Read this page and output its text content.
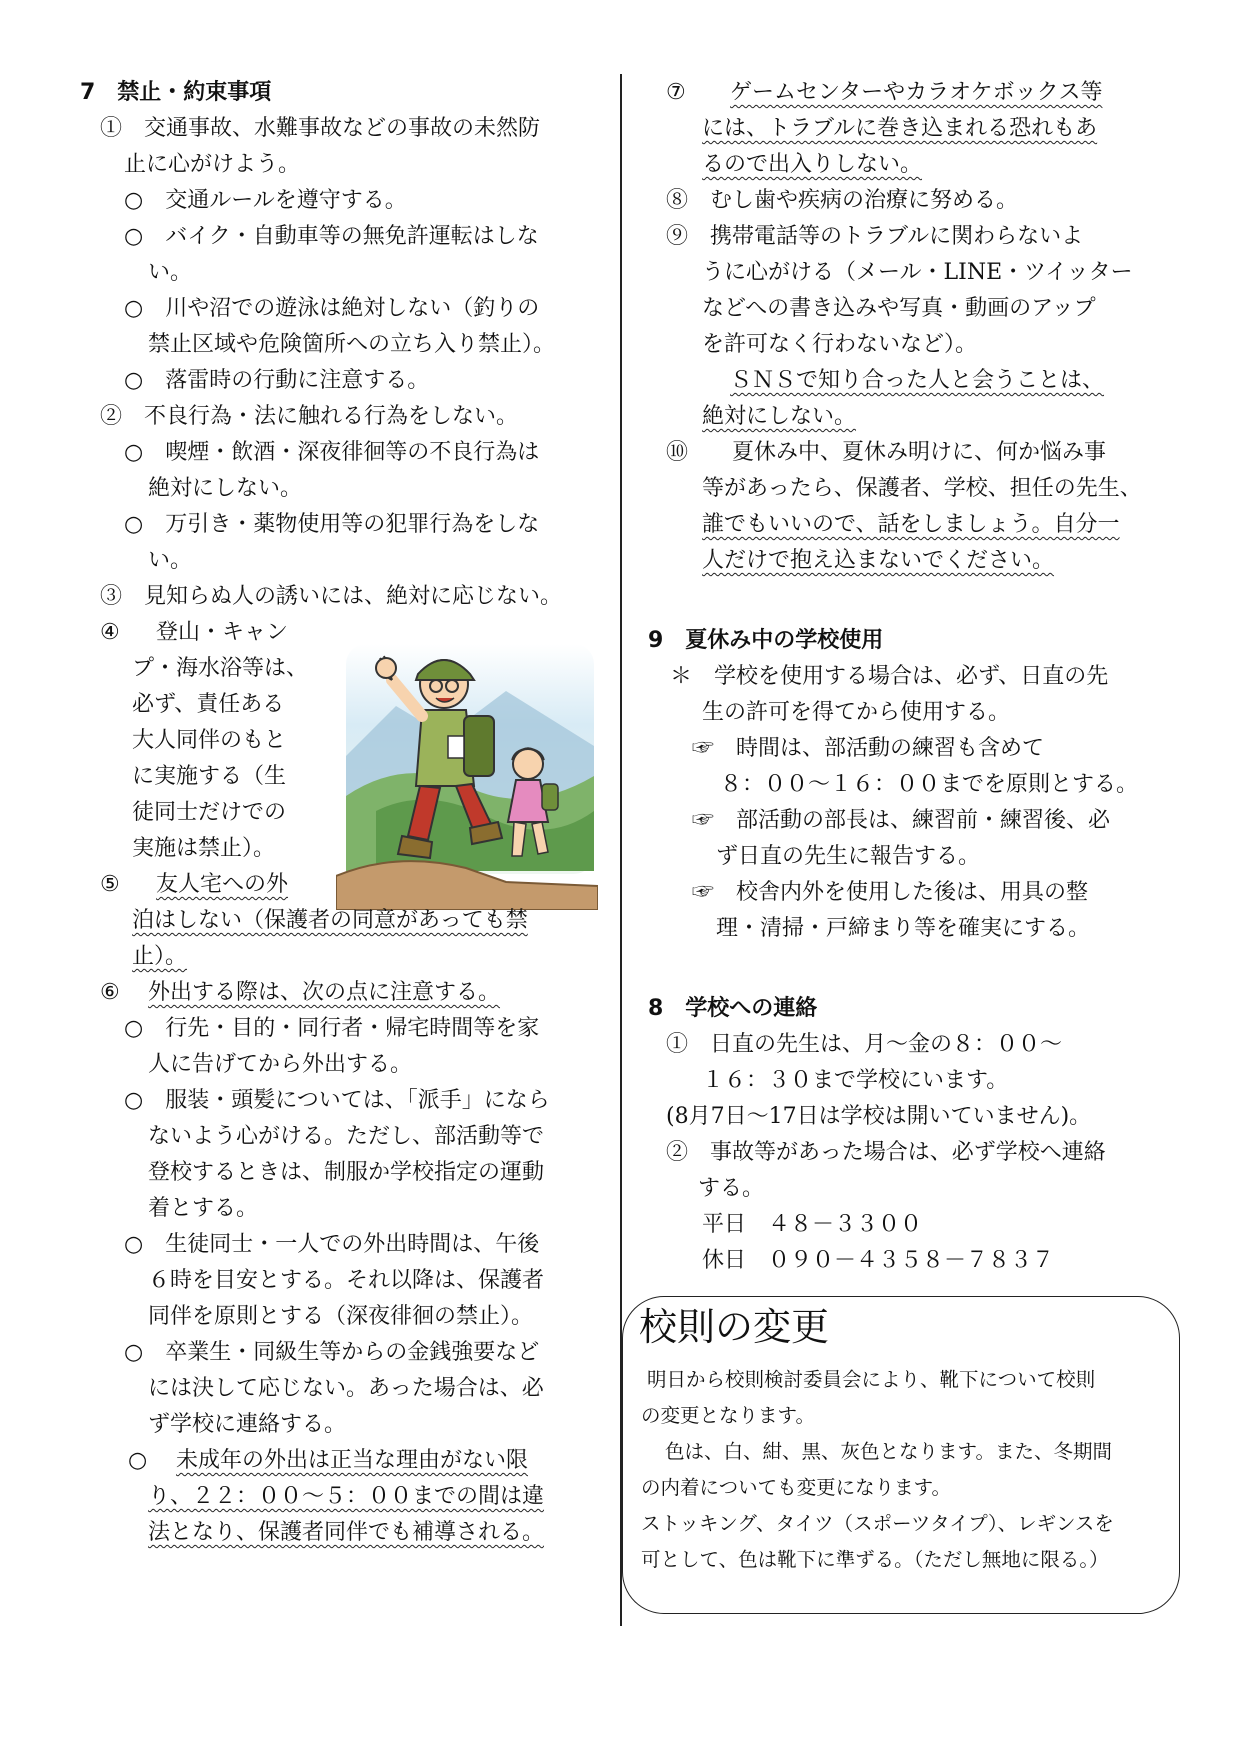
7　禁止・約束事項
①　交通事故、水難事故などの事故の未然防
止に心がけよう。
○　交通ルールを遵守する。
○　バイク・自動車等の無免許運転はしな
い。
○　川や沼での遊泳は絶対しない（釣りの
禁止区域や危険箇所への立ち入り禁止）。
○　落雷時の行動に注意する。
②　不良行為・法に触れる行為をしない。
○　喫煙・飲酒・深夜徘徊等の不良行為は
絶対にしない。
○　万引き・薬物使用等の犯罪行為をしな
い。
③　見知らぬ人の誘いには、絶対に応じない。
④ 登山・キャン
プ・海水浴等は、
必ず、責任ある
大人同伴のもと
に実施する（生
徒同士だけでの
実施は禁止）。
⑤ 友人宅への外
泊はしない（保護者の同意があっても禁
止）。
⑥ 外出する際は、次の点に注意する。
○　行先・目的・同行者・帰宅時間等を家
人に告げてから外出する。
○　服装・頭髪については、「派手」になら
ないよう心がける。ただし、部活動等で
登校するときは、制服か学校指定の運動
着とする。
○　生徒同士・一人での外出時間は、午後
６時を目安とする。それ以降は、保護者
同伴を原則とする（深夜徘徊の禁止）。
○　卒業生・同級生等からの金銭強要など
には決して応じない。あった場合は、必
ず学校に連絡する。
○ 未成年の外出は正当な理由がない限
り、２２：００～５：００までの間は違
法となり、保護者同伴でも補導される。
⑦ ゲームセンターやカラオケボックス等
には、トラブルに巻き込まれる恐れもあ
るので出入りしない。
⑧　むし歯や疾病の治療に努める。
⑨　携帯電話等のトラブルに関わらないよ
うに心がける（メール・LINE・ツイッター
などへの書き込みや写真・動画のアップ
を許可なく行わないなど）。
ＳＮＳで知り合った人と会うことは、
絶対にしない。
⑩　　夏休み中、夏休み明けに、何か悩み事
等があったら、保護者、学校、担任の先生、
誰でもいいので、話をしましょう。自分一
人だけで抱え込まないでください。
9　夏休み中の学校使用
＊　学校を使用する場合は、必ず、日直の先
生の許可を得てから使用する。
☞　時間は、部活動の練習も含めて
８：００～１６：００までを原則とする。
☞　部活動の部長は、練習前・練習後、必
ず日直の先生に報告する。
☞　校舎内外を使用した後は、用具の整
理・清掃・戸締まり等を確実にする。
8　学校への連絡
①　日直の先生は、月～金の８：００～
１６：３０まで学校にいます。
(8月7日～17日は学校は開いていません)。
②　事故等があった場合は、必ず学校へ連絡
する。
平日　４８－３３００
休日　０９０－４３５８－７８３７
校則の変更
明日から校則検討委員会により、靴下について校則
の変更となります。
色は、白、紺、黒、灰色となります。また、冬期間
の内着についても変更になります。
ストッキング、タイツ（スポーツタイプ）、レギンスを
可として、色は靴下に準ずる。（ただし無地に限る。）
